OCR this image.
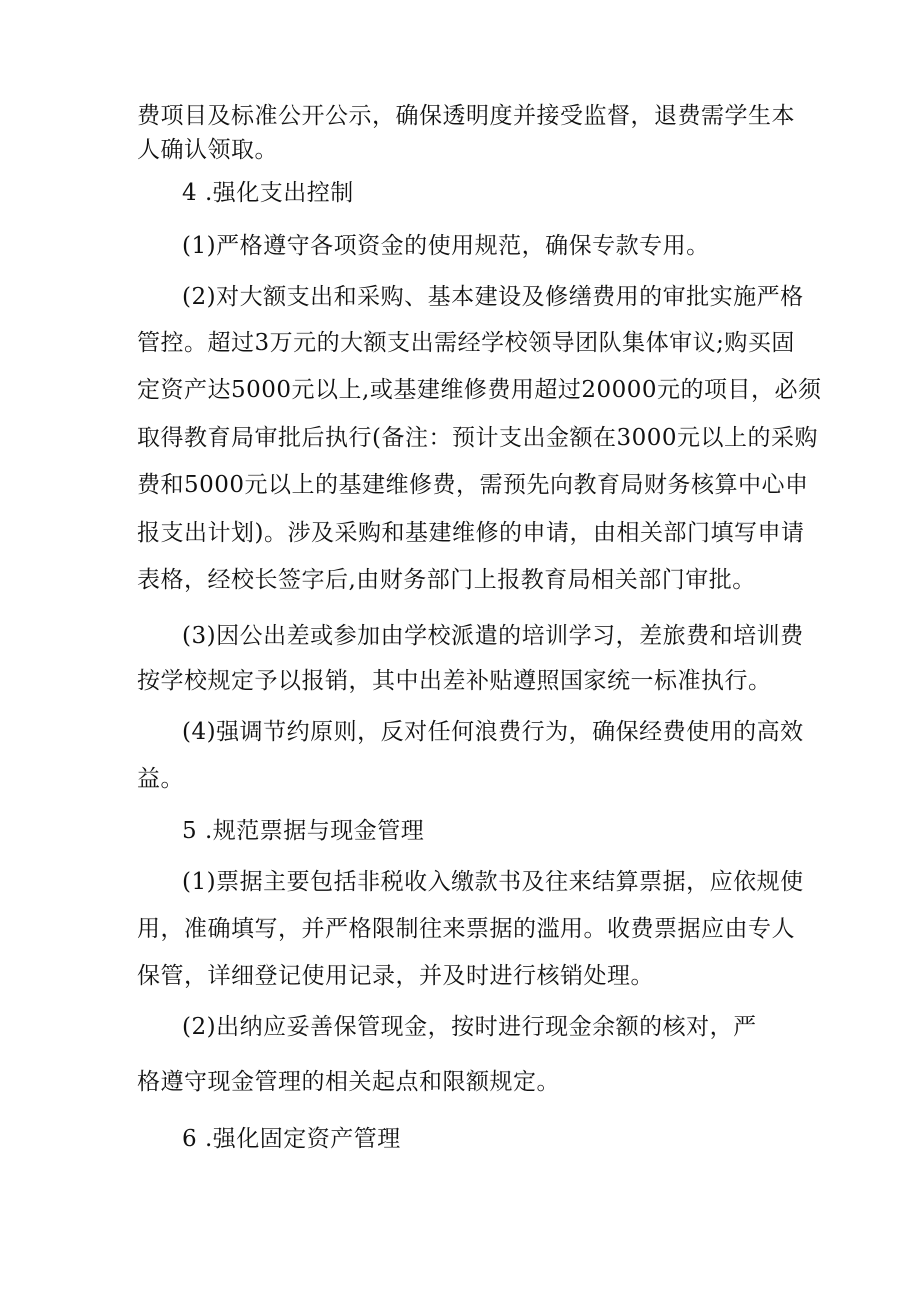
费项目及标准公开公示，确保透明度并接受监督，退费需学生本
人确认领取。
4 .强化支出控制
(1)严格遵守各项资金的使用规范，确保专款专用。
(2)对大额支出和采购、基本建设及修缮费用的审批实施严格
管控。超过3万元的大额支出需经学校领导团队集体审议;购买固
定资产达5000元以上,或基建维修费用超过20000元的项目，必须
取得教育局审批后执行(备注：预计支出金额在3000元以上的采购
费和5000元以上的基建维修费，需预先向教育局财务核算中心申
报支出计划)。涉及采购和基建维修的申请，由相关部门填写申请
表格，经校长签字后,由财务部门上报教育局相关部门审批。
(3)因公出差或参加由学校派遣的培训学习，差旅费和培训费
按学校规定予以报销，其中出差补贴遵照国家统一标准执行。
(4)强调节约原则，反对任何浪费行为，确保经费使用的高效
益。
5 .规范票据与现金管理
(1)票据主要包括非税收入缴款书及往来结算票据，应依规使
用，准确填写，并严格限制往来票据的滥用。收费票据应由专人
保管，详细登记使用记录，并及时进行核销处理。
(2)出纳应妥善保管现金，按时进行现金余额的核对，严
格遵守现金管理的相关起点和限额规定。
6 .强化固定资产管理
